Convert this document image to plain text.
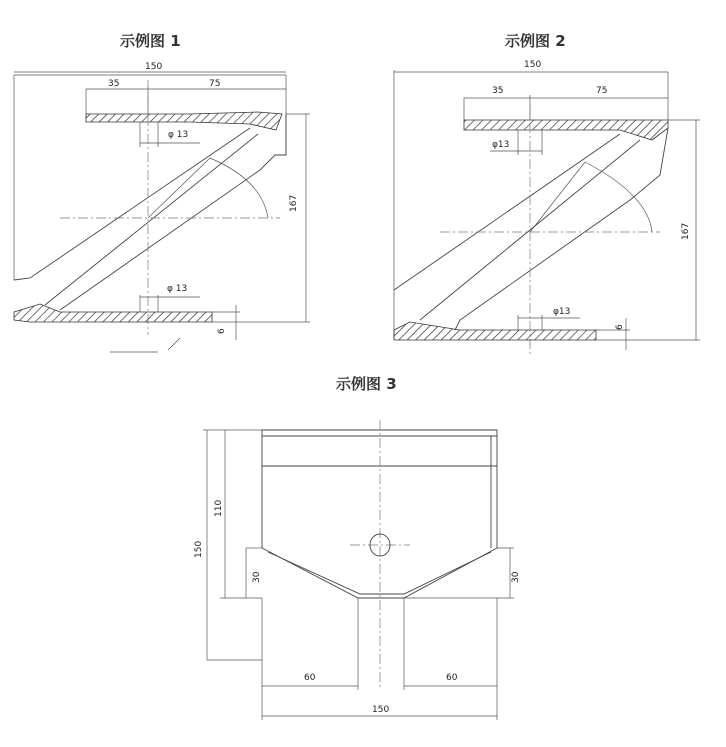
示例图 1	示例图 2
示例图 3
150
35	75
φ 13
φ 13
167
6
150
35	75
φ13
φ13
167
6
110
150
30	30
60	60
150
